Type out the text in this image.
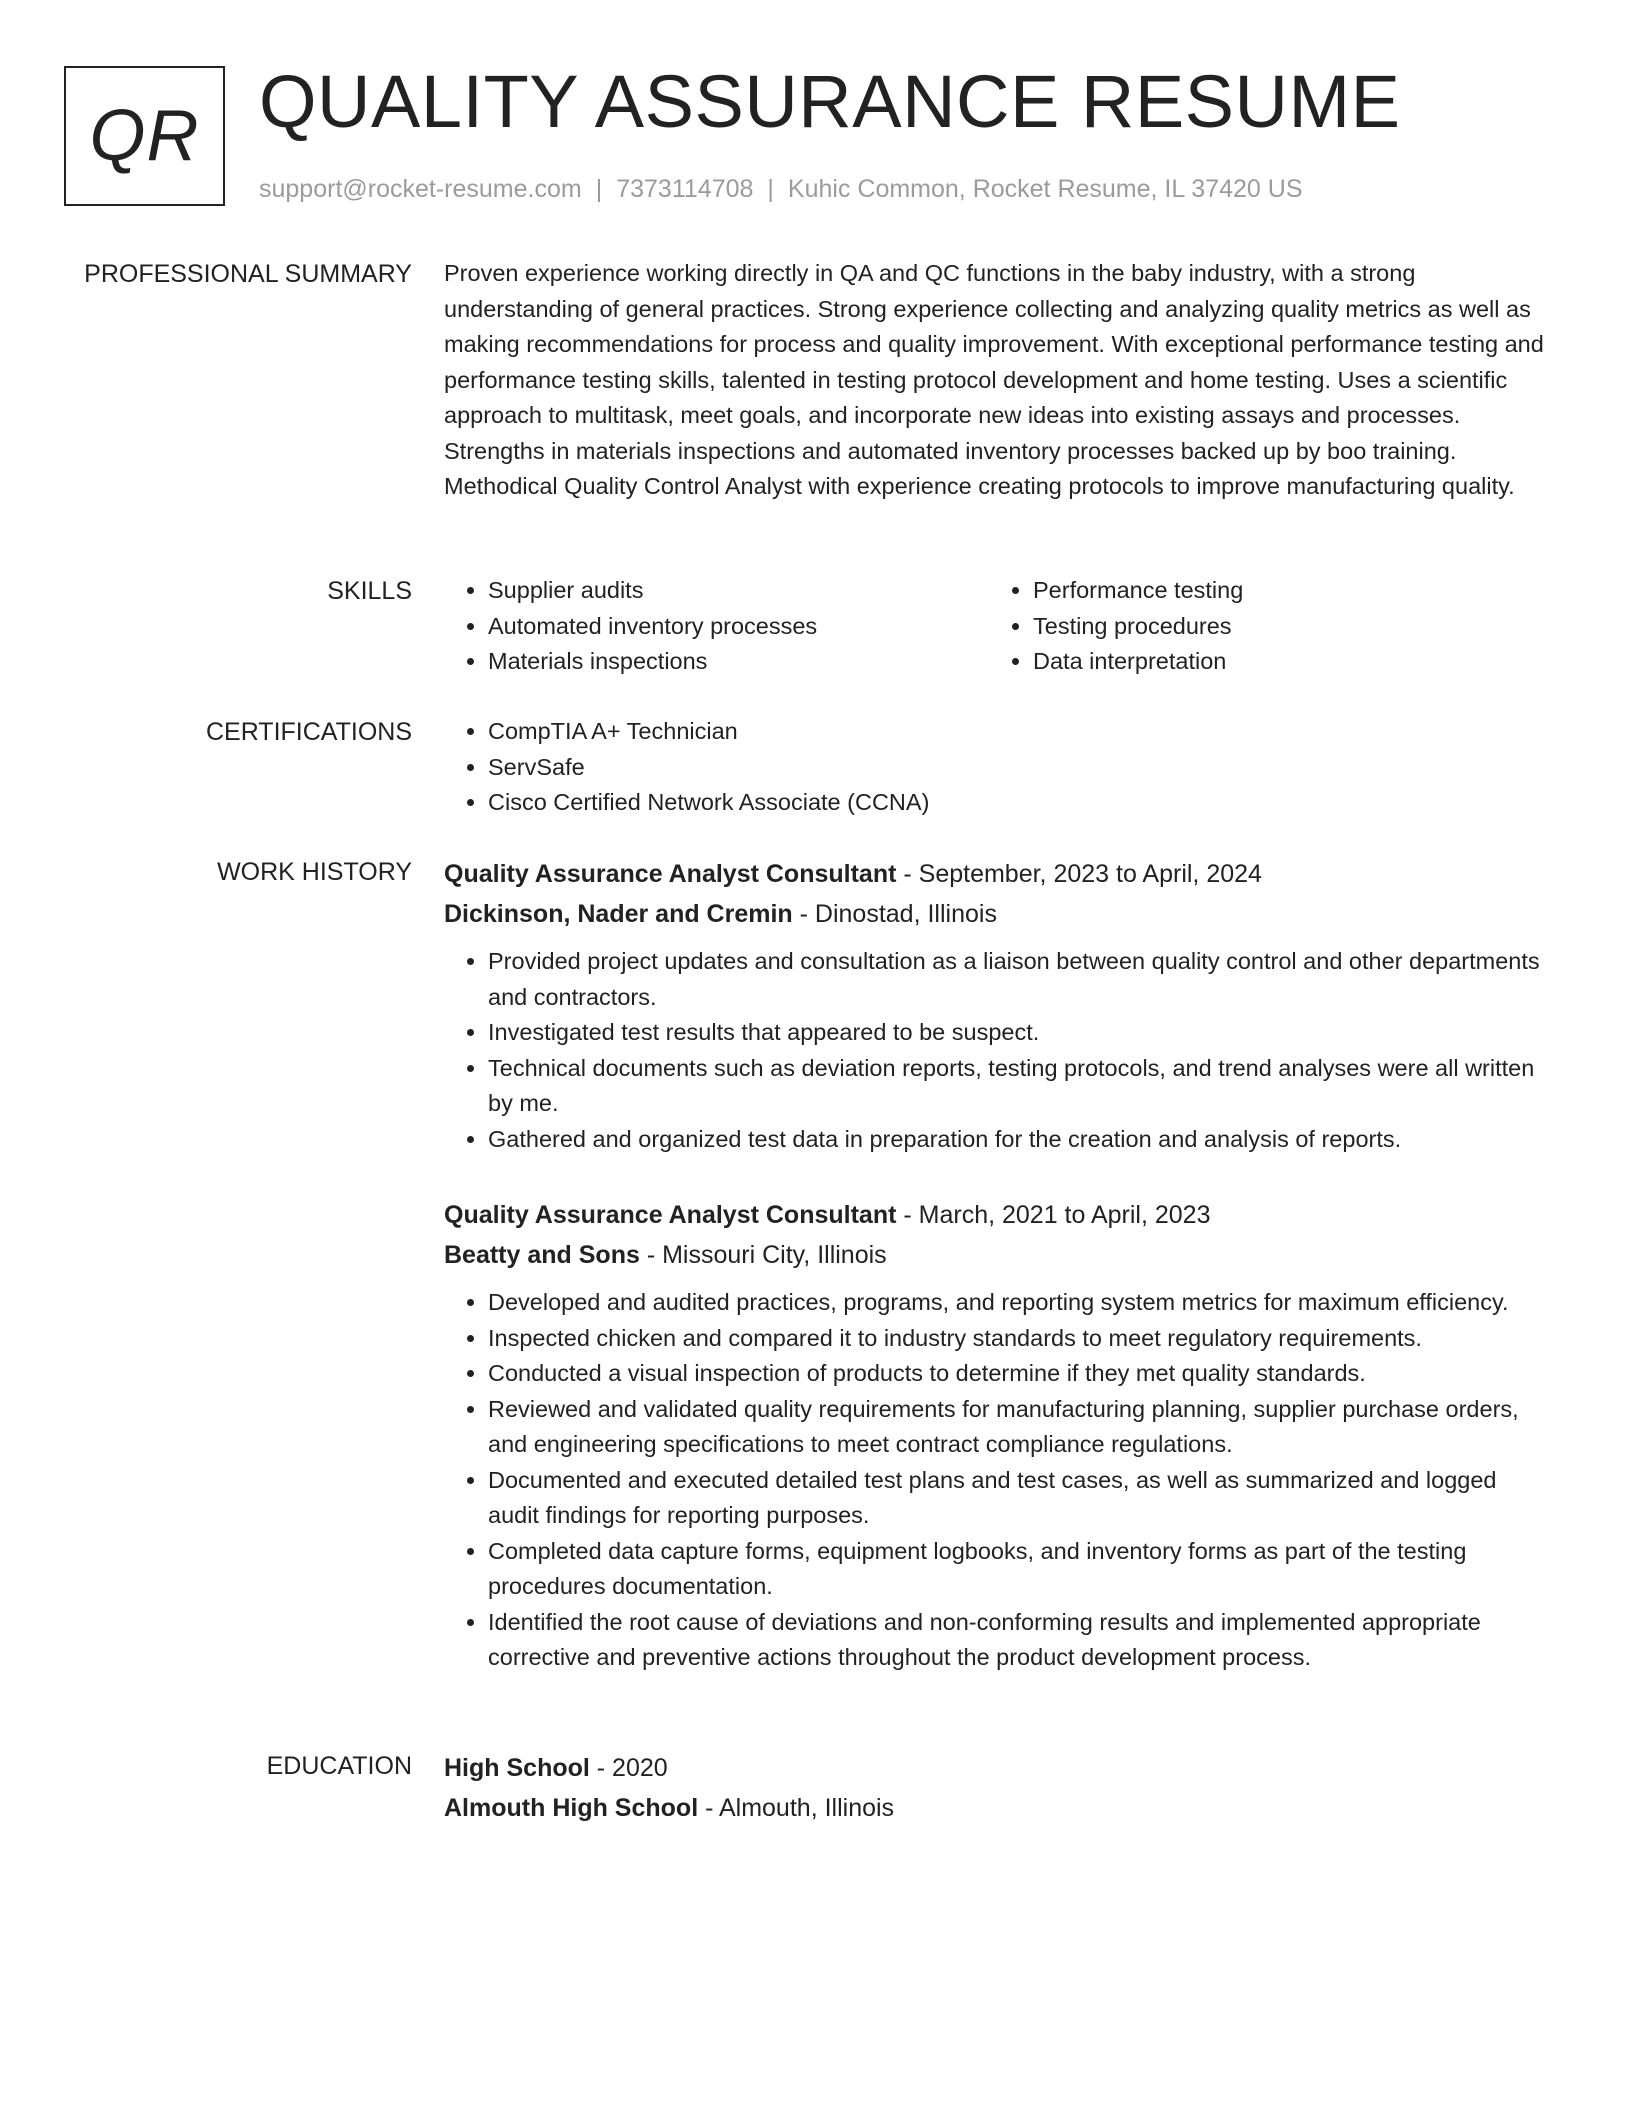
QR QUALITY ASSURANCE RESUME
support@rocket-resume.com | 7373114708 | Kuhic Common, Rocket Resume, IL 37420 US
PROFESSIONAL SUMMARY Proven experience working directly in QA and QC functions in the baby industry, with a strong understanding of general practices. Strong experience collecting and analyzing quality metrics as well as making recommendations for process and quality improvement. With exceptional performance testing and performance testing skills, talented in testing protocol development and home testing. Uses a scientific approach to multitask, meet goals, and incorporate new ideas into existing assays and processes. Strengths in materials inspections and automated inventory processes backed up by boo training. Methodical Quality Control Analyst with experience creating protocols to improve manufacturing quality.

SKILLS	• Supplier audits
• Automated inventory processes
• Materials inspections
• Performance testing
• Testing procedures
• Data interpretation
CERTIFICATIONS	• CompTIA A+ Technician
• ServSafe
• Cisco Certified Network Associate (CCNA)
WORK HISTORY Quality Assurance Analyst Consultant - September, 2023 to April, 2024
Dickinson, Nader and Cremin - Dinostad, Illinois
• Provided project updates and consultation as a liaison between quality control and other departments and contractors.
• Investigated test results that appeared to be suspect.
• Technical documents such as deviation reports, testing protocols, and trend analyses were all written by me.
• Gathered and organized test data in preparation for the creation and analysis of reports.
Quality Assurance Analyst Consultant - March, 2021 to April, 2023
Beatty and Sons - Missouri City, Illinois
• Developed and audited practices, programs, and reporting system metrics for maximum efficiency.
• Inspected chicken and compared it to industry standards to meet regulatory requirements.
• Conducted a visual inspection of products to determine if they met quality standards.
• Reviewed and validated quality requirements for manufacturing planning, supplier purchase orders, and engineering specifications to meet contract compliance regulations.
• Documented and executed detailed test plans and test cases, as well as summarized and logged audit findings for reporting purposes.
• Completed data capture forms, equipment logbooks, and inventory forms as part of the testing procedures documentation.
• Identified the root cause of deviations and non-conforming results and implemented appropriate corrective and preventive actions throughout the product development process.
EDUCATION High School - 2020
Almouth High School - Almouth, Illinois
